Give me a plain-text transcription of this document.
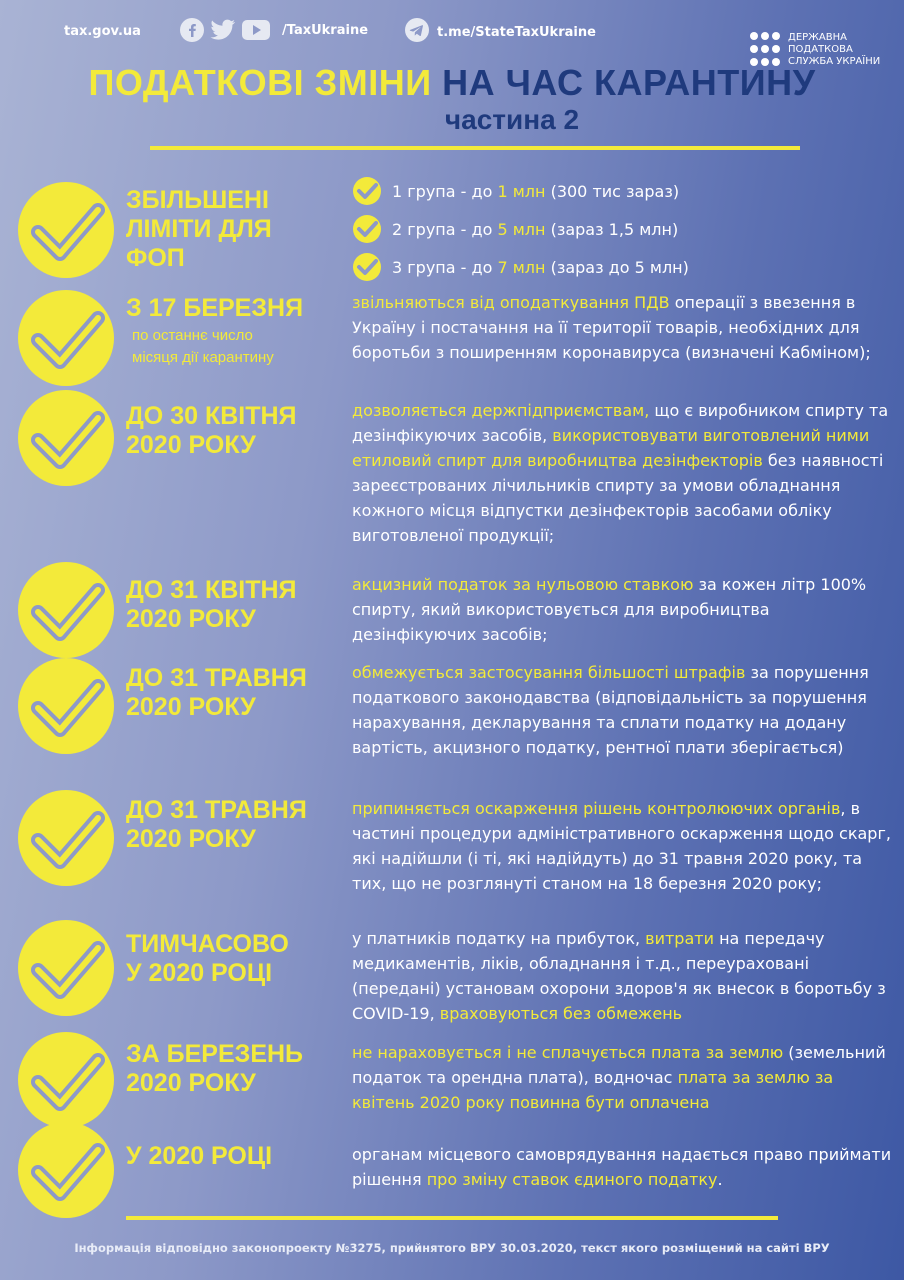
tax.gov.ua	/TaxUkraine	t.me/StateTaxUkraine	ДЕРЖАВНА
ПОДАТКОВА
СЛУЖБА УКРАЇНИ
ПОДАТКОВІ ЗМІНИ НА ЧАС КАРАНТИНУ
частина 2
ЗБІЛЬШЕНІ
ЛІМІТИ ДЛЯ
ФОП
1 група - до 1 млн (300 тис зараз)
2 група - до 5 млн (зараз 1,5 млн)
3 група - до 7 млн (зараз до 5 млн)
З 17 БЕРЕЗНЯ
по останнє число
місяця дії карантину
звільняються від оподаткування ПДВ операції з ввезення в Україну і постачання на її території товарів, необхідних для боротьби з поширенням коронавируса (визначені Кабміном);
ДО 30 КВІТНЯ
2020 РОКУ
дозволяється держпідприємствам, що є виробником спирту та дезінфікуючих засобів, використовувати виготовлений ними етиловий спирт для виробництва дезінфекторів без наявності зареєстрованих лічильників спирту за умови обладнання кожного місця відпустки дезінфекторів засобами обліку виготовленої продукції;
ДО 31 КВІТНЯ
2020 РОКУ
акцизний податок за нульовою ставкою за кожен літр 100% спирту, який використовується для виробництва дезінфікуючих засобів;
ДО 31 ТРАВНЯ
2020 РОКУ
обмежується застосування більшості штрафів за порушення податкового законодавства (відповідальність за порушення нарахування, декларування та сплати податку на додану вартість, акцизного податку, рентної плати зберігається)
ДО 31 ТРАВНЯ
2020 РОКУ
припиняється оскарження рішень контролюючих органів, в частині процедури адміністративного оскарження щодо скарг, які надійшли (і ті, які надійдуть) до 31 травня 2020 року, та тих, що не розглянуті станом на 18 березня 2020 року;
ТИМЧАСОВО
У 2020 РОЦІ
у платників податку на прибуток, витрати на передачу медикаментів, ліків, обладнання і т.д., переураховані (передані) установам охорони здоров'я як внесок в боротьбу з COVID-19, враховуються без обмежень
ЗА БЕРЕЗЕНЬ
2020 РОКУ
не нараховується і не сплачується плата за землю (земельний податок та орендна плата), водночас плата за землю за квітень 2020 року повинна бути оплачена
У 2020 РОЦІ	органам місцевого самоврядування надається право приймати рішення про зміну ставок єдиного податку.
Інформація відповідно законопроекту №3275, прийнятого ВРУ 30.03.2020, текст якого розміщений на сайті ВРУ
